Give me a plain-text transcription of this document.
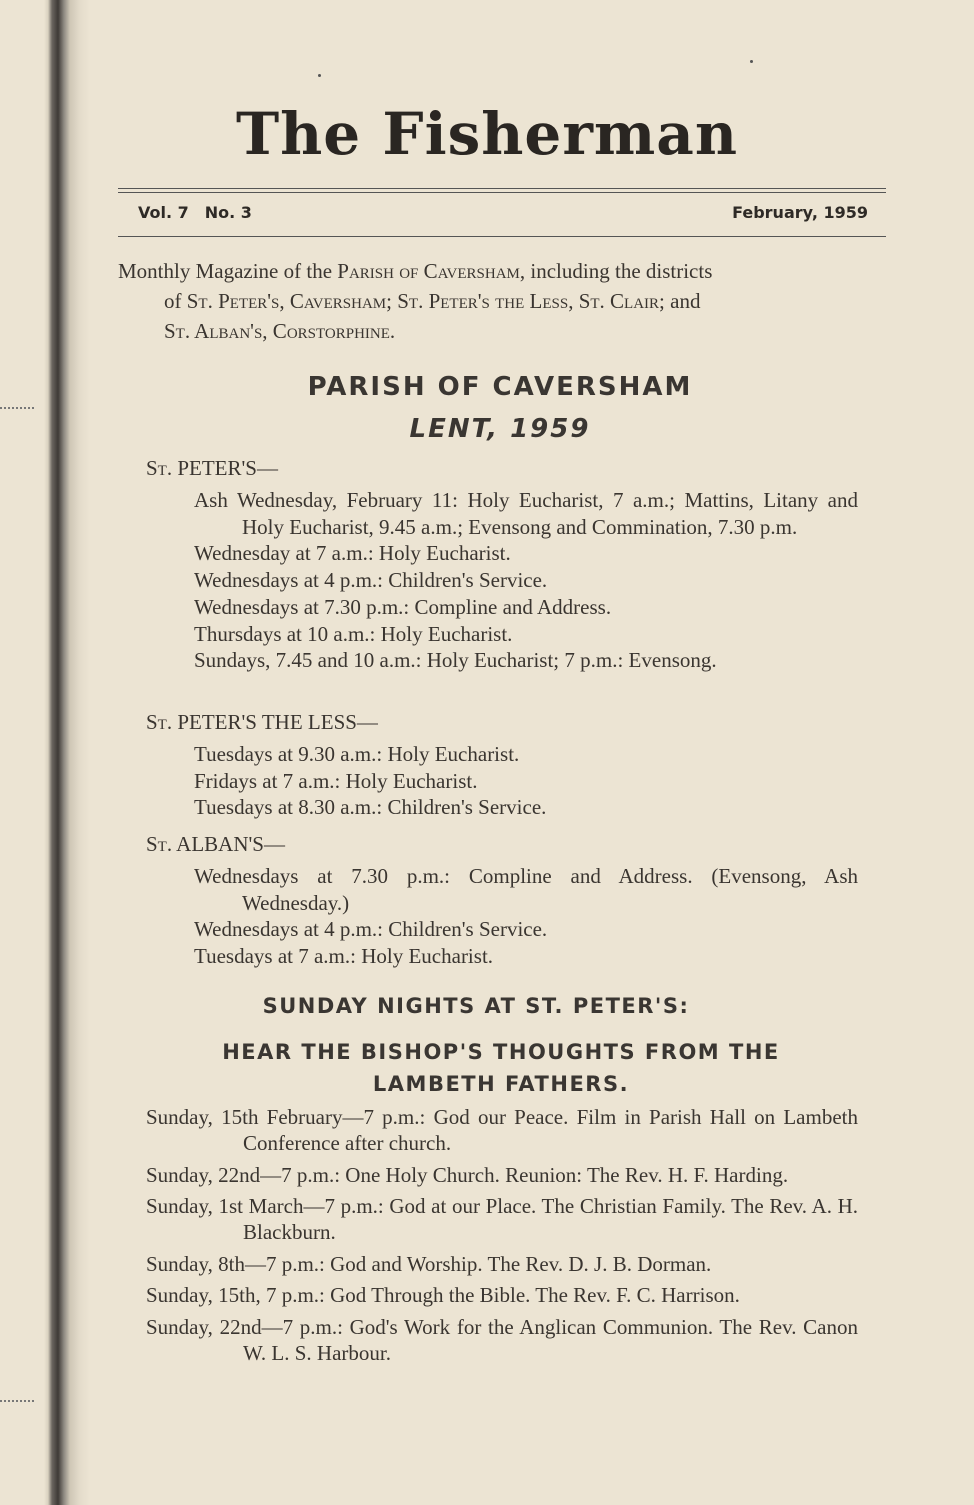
The Fisherman
Vol. 7 No. 3	February, 1959
Monthly Magazine of the Parish of Caversham, including the districts
of St. Peter's, Caversham; St. Peter's the Less, St. Clair; and
St. Alban's, Corstorphine.
PARISH OF CAVERSHAM
LENT, 1959
St. PETER'S—
Ash Wednesday, February 11: Holy Eucharist, 7 a.m.; Mattins, Litany and Holy Eucharist, 9.45 a.m.; Evensong and Commination, 7.30 p.m.
Wednesday at 7 a.m.: Holy Eucharist.
Wednesdays at 4 p.m.: Children's Service.
Wednesdays at 7.30 p.m.: Compline and Address.
Thursdays at 10 a.m.: Holy Eucharist.
Sundays, 7.45 and 10 a.m.: Holy Eucharist; 7 p.m.: Evensong.
St. PETER'S THE LESS—
Tuesdays at 9.30 a.m.: Holy Eucharist.
Fridays at 7 a.m.: Holy Eucharist.
Tuesdays at 8.30 a.m.: Children's Service.
St. ALBAN'S—
Wednesdays at 7.30 p.m.: Compline and Address. (Evensong, Ash Wednesday.)
Wednesdays at 4 p.m.: Children's Service.
Tuesdays at 7 a.m.: Holy Eucharist.
SUNDAY NIGHTS AT ST. PETER'S:
HEAR THE BISHOP'S THOUGHTS FROM THE LAMBETH FATHERS.
Sunday, 15th February—7 p.m.: God our Peace. Film in Parish Hall on Lambeth Conference after church.
Sunday, 22nd—7 p.m.: One Holy Church. Reunion: The Rev. H. F. Harding.
Sunday, 1st March—7 p.m.: God at our Place. The Christian Family. The Rev. A. H. Blackburn.
Sunday, 8th—7 p.m.: God and Worship. The Rev. D. J. B. Dorman.
Sunday, 15th, 7 p.m.: God Through the Bible. The Rev. F. C. Harrison.
Sunday, 22nd—7 p.m.: God's Work for the Anglican Communion. The Rev. Canon W. L. S. Harbour.
